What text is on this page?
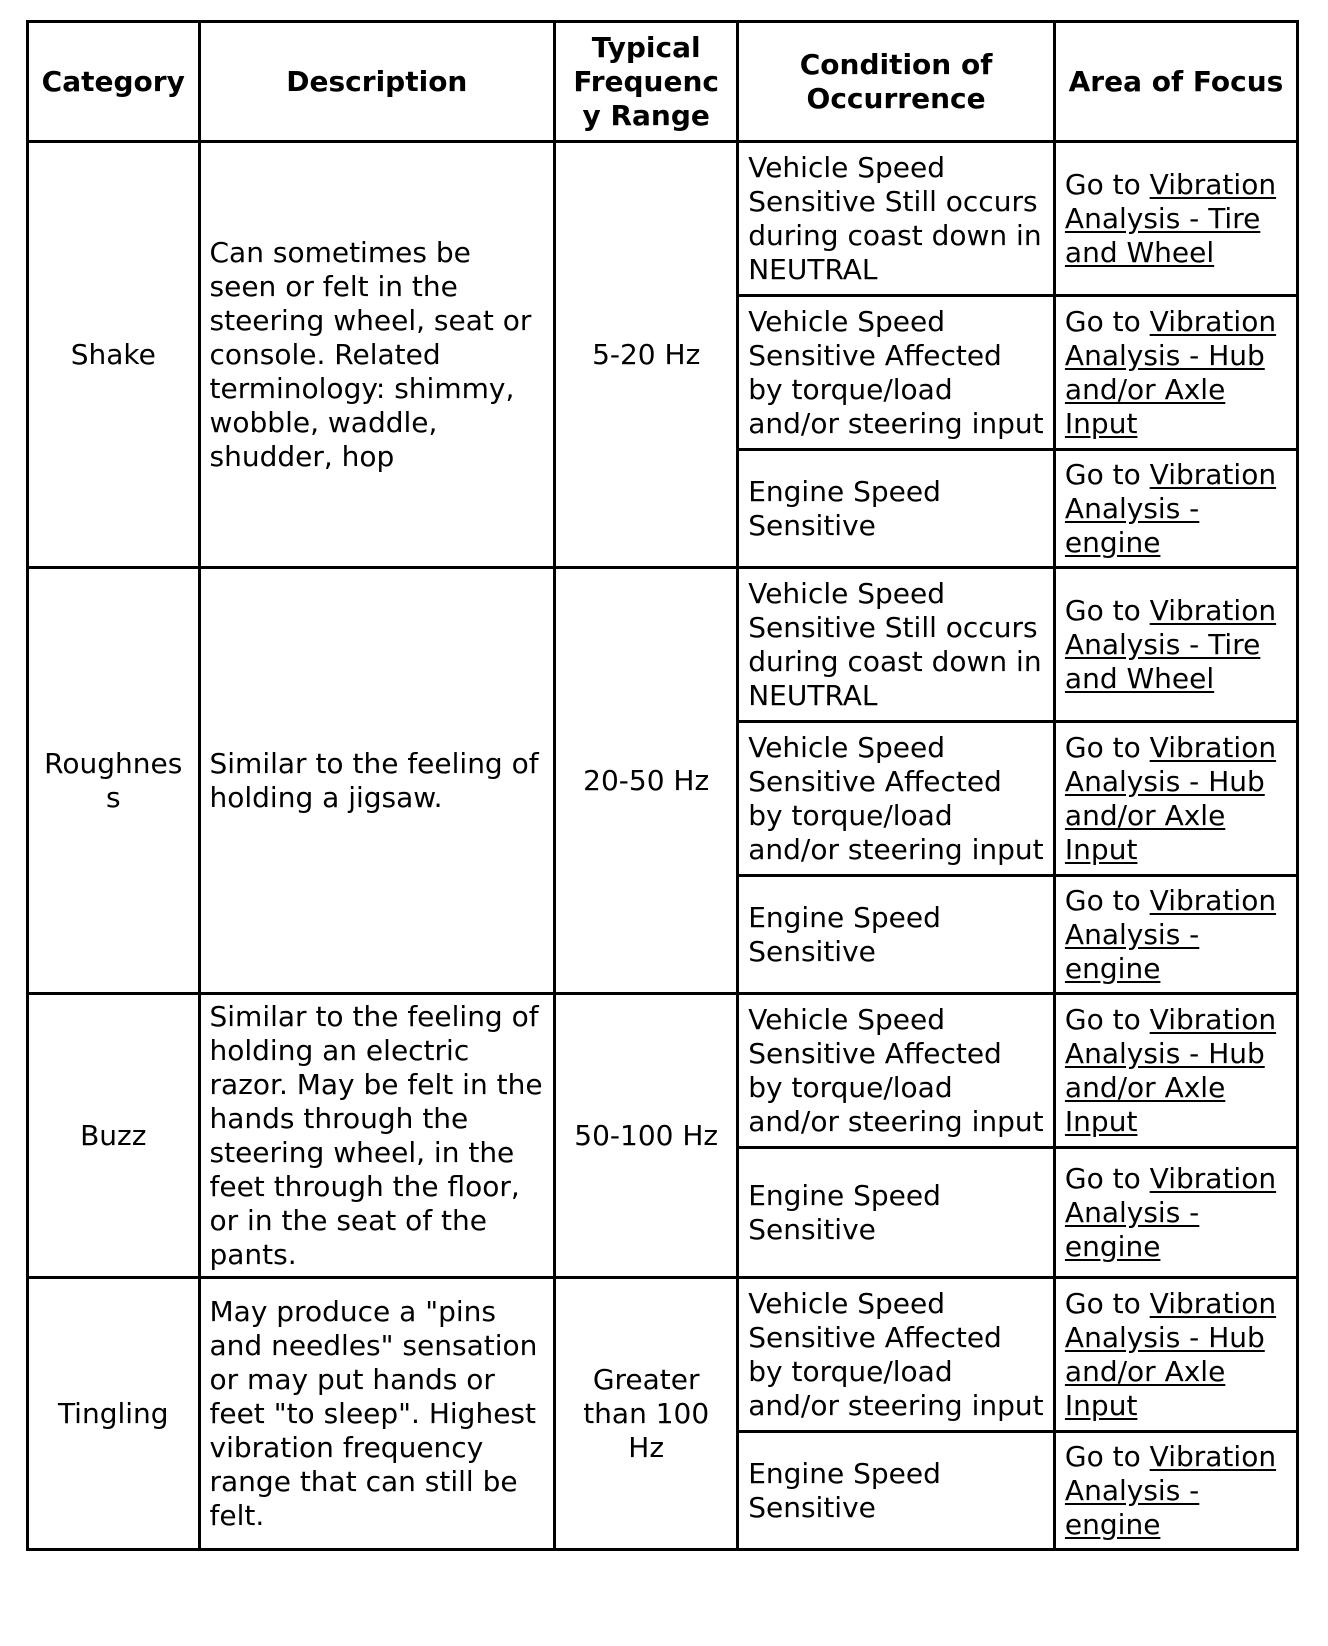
Category	Description	Typical Frequency Range	Condition of Occurrence	Area of Focus
Shake	Can sometimes be seen or felt in the steering wheel, seat or console. Related terminology: shimmy, wobble, waddle, shudder, hop	5-20 Hz	Vehicle Speed Sensitive Still occurs during coast down in NEUTRAL	Go to Vibration Analysis - Tire and Wheel
			Vehicle Speed Sensitive Affected by torque/load and/or steering input	Go to Vibration Analysis - Hub and/or Axle Input
			Engine Speed Sensitive	Go to Vibration Analysis - engine
Roughness	Similar to the feeling of holding a jigsaw.	20-50 Hz	Vehicle Speed Sensitive Still occurs during coast down in NEUTRAL	Go to Vibration Analysis - Tire and Wheel
			Vehicle Speed Sensitive Affected by torque/load and/or steering input	Go to Vibration Analysis - Hub and/or Axle Input
			Engine Speed Sensitive	Go to Vibration Analysis - engine
Buzz	Similar to the feeling of holding an electric razor. May be felt in the hands through the steering wheel, in the feet through the floor, or in the seat of the pants.	50-100 Hz	Vehicle Speed Sensitive Affected by torque/load and/or steering input	Go to Vibration Analysis - Hub and/or Axle Input
			Engine Speed Sensitive	Go to Vibration Analysis - engine
Tingling	May produce a "pins and needles" sensation or may put hands or feet "to sleep". Highest vibration frequency range that can still be felt.	Greater than 100 Hz	Vehicle Speed Sensitive Affected by torque/load and/or steering input	Go to Vibration Analysis - Hub and/or Axle Input
			Engine Speed Sensitive	Go to Vibration Analysis - engine
